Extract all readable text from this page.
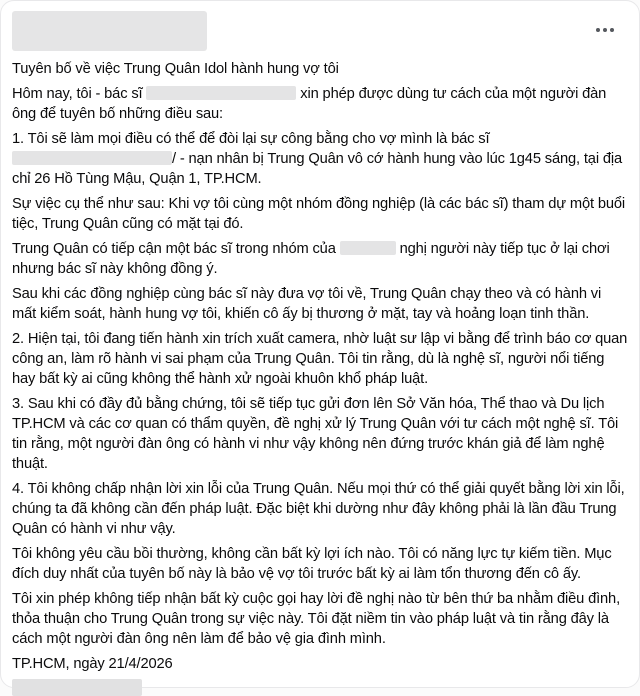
Tuyên bố về việc Trung Quân Idol hành hung vợ tôi

Hôm nay, tôi - bác sĩ	xin phép được dùng tư cách của một người đàn ông để tuyên bố những điều sau:

1. Tôi sẽ làm mọi điều có thể để đòi lại sự công bằng cho vợ mình là bác sĩ / - nạn nhân bị Trung Quân vô cớ hành hung vào lúc 1g45 sáng, tại địa chỉ 26 Hồ Tùng Mậu, Quận 1, TP.HCM.

Sự việc cụ thể như sau: Khi vợ tôi cùng một nhóm đồng nghiệp (là các bác sĩ) tham dự một buổi tiệc, Trung Quân cũng có mặt tại đó.

Trung Quân có tiếp cận một bác sĩ trong nhóm của	nghị người này tiếp tục ở lại chơi nhưng bác sĩ này không đồng ý.

Sau khi các đồng nghiệp cùng bác sĩ này đưa vợ tôi về, Trung Quân chạy theo và có hành vi mất kiểm soát, hành hung vợ tôi, khiến cô ấy bị thương ở mặt, tay và hoảng loạn tinh thần.

2. Hiện tại, tôi đang tiến hành xin trích xuất camera, nhờ luật sư lập vi bằng để trình báo cơ quan công an, làm rõ hành vi sai phạm của Trung Quân. Tôi tin rằng, dù là nghệ sĩ, người nổi tiếng hay bất kỳ ai cũng không thể hành xử ngoài khuôn khổ pháp luật.

3. Sau khi có đầy đủ bằng chứng, tôi sẽ tiếp tục gửi đơn lên Sở Văn hóa, Thể thao và Du lịch TP.HCM và các cơ quan có thẩm quyền, đề nghị xử lý Trung Quân với tư cách một nghệ sĩ. Tôi tin rằng, một người đàn ông có hành vi như vậy không nên đứng trước khán giả để làm nghệ thuật.

4. Tôi không chấp nhận lời xin lỗi của Trung Quân. Nếu mọi thứ có thể giải quyết bằng lời xin lỗi, chúng ta đã không cần đến pháp luật. Đặc biệt khi dường như đây không phải là lần đầu Trung Quân có hành vi như vậy.

Tôi không yêu cầu bồi thường, không cần bất kỳ lợi ích nào. Tôi có năng lực tự kiếm tiền. Mục đích duy nhất của tuyên bố này là bảo vệ vợ tôi trước bất kỳ ai làm tổn thương đến cô ấy.

Tôi xin phép không tiếp nhận bất kỳ cuộc gọi hay lời đề nghị nào từ bên thứ ba nhằm điều đình, thỏa thuận cho Trung Quân trong sự việc này. Tôi đặt niềm tin vào pháp luật và tin rằng đây là cách một người đàn ông nên làm để bảo vệ gia đình mình.

TP.HCM, ngày 21/4/2026
